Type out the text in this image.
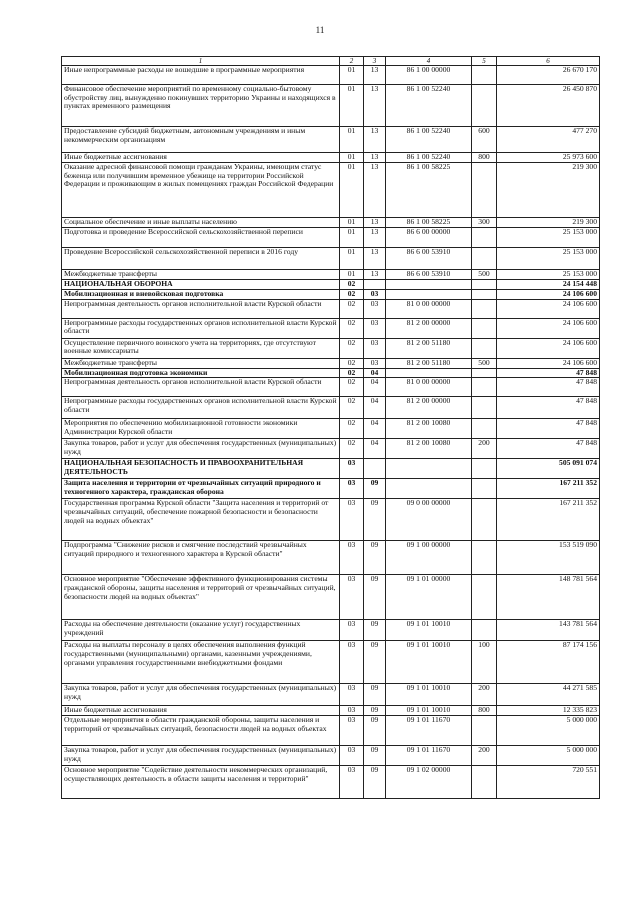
11
1	2	3	4	5	6
Иные непрограммные расходы не вошедшие в программные мероприятия	01	13	86 1 00 00000		26 670 170
Финансовое обеспечение мероприятий по временному социально-бытовому обустройству лиц, вынужденно покинувших территорию Украины и находящихся в пунктах временного размещения	01	13	86 1 00 52240		26 450 870
Предоставление субсидий бюджетным, автономным учреждениям и иным некоммерческим организациям	01	13	86 1 00 52240	600	477 270
Иные бюджетные ассигнования	01	13	86 1 00 52240	800	25 973 600
Оказание адресной финансовой помощи гражданам Украины, имеющим статус беженца или получившим временное убежище на территории Российской Федерации и проживающим в жилых помещениях граждан Российской Федерации	01	13	86 1 00 58225		219 300
Социальное обеспечение и иные выплаты населению	01	13	86 1 00 58225	300	219 300
Подготовка и проведение Всероссийской сельскохозяйственной переписи	01	13	86 6 00 00000		25 153 000
Проведение Всероссийской сельскохозяйственной переписи в 2016 году	01	13	86 6 00 53910		25 153 000
Межбюджетные трансферты	01	13	86 6 00 53910	500	25 153 000
НАЦИОНАЛЬНАЯ ОБОРОНА	02				24 154 448
Мобилизационная и вневойсковая подготовка	02	03			24 106 600
Непрограммная деятельность органов исполнительной власти Курской области	02	03	81 0 00 00000		24 106 600
Непрограммные расходы государственных органов исполнительной власти Курской области	02	03	81 2 00 00000		24 106 600
Осуществление первичного воинского учета на территориях, где отсутствуют военные комиссариаты	02	03	81 2 00 51180		24 106 600
Межбюджетные трансферты	02	03	81 2 00 51180	500	24 106 600
Мобилизационная подготовка экономики	02	04			47 848
Непрограммная деятельность органов исполнительной власти Курской области	02	04	81 0 00 00000		47 848
Непрограммные расходы государственных органов исполнительной власти Курской области	02	04	81 2 00 00000		47 848
Мероприятия по обеспечению мобилизационной готовности экономики Администрации Курской области	02	04	81 2 00 10080		47 848
Закупка товаров, работ и услуг для обеспечения государственных (муниципальных) нужд	02	04	81 2 00 10080	200	47 848
НАЦИОНАЛЬНАЯ БЕЗОПАСНОСТЬ И ПРАВООХРАНИТЕЛЬНАЯ ДЕЯТЕЛЬНОСТЬ	03				505 091 074
Защита населения и территории от чрезвычайных ситуаций природного и техногенного характера, гражданская оборона	03	09			167 211 352
Государственная программа Курской области "Защита населения и территорий от чрезвычайных ситуаций, обеспечение пожарной безопасности и безопасности людей на водных объектах"	03	09	09 0 00 00000		167 211 352
Подпрограмма "Снижение рисков и смягчение последствий чрезвычайных ситуаций природного и техногенного характера в Курской области"	03	09	09 1 00 00000		153 519 090
Основное мероприятие "Обеспечение эффективного функционирования системы гражданской обороны, защиты населения и территорий от чрезвычайных ситуаций, безопасности людей на водных объектах"	03	09	09 1 01 00000		148 781 564
Расходы на обеспечение деятельности (оказание услуг) государственных учреждений	03	09	09 1 01 10010		143 781 564
Расходы на выплаты персоналу в целях обеспечения выполнения функций государственными (муниципальными) органами, казенными учреждениями, органами управления государственными внебюджетными фондами	03	09	09 1 01 10010	100	87 174 156
Закупка товаров, работ и услуг для обеспечения государственных (муниципальных) нужд	03	09	09 1 01 10010	200	44 271 585
Иные бюджетные ассигнования	03	09	09 1 01 10010	800	12 335 823
Отдельные мероприятия в области гражданской обороны, защиты населения и территорий от чрезвычайных ситуаций, безопасности людей на водных объектах	03	09	09 1 01 11670		5 000 000
Закупка товаров, работ и услуг для обеспечения государственных (муниципальных) нужд	03	09	09 1 01 11670	200	5 000 000
Основное мероприятие "Содействие деятельности некоммерческих организаций, осуществляющих деятельность в области защиты населения и территорий"	03	09	09 1 02 00000		720 551
